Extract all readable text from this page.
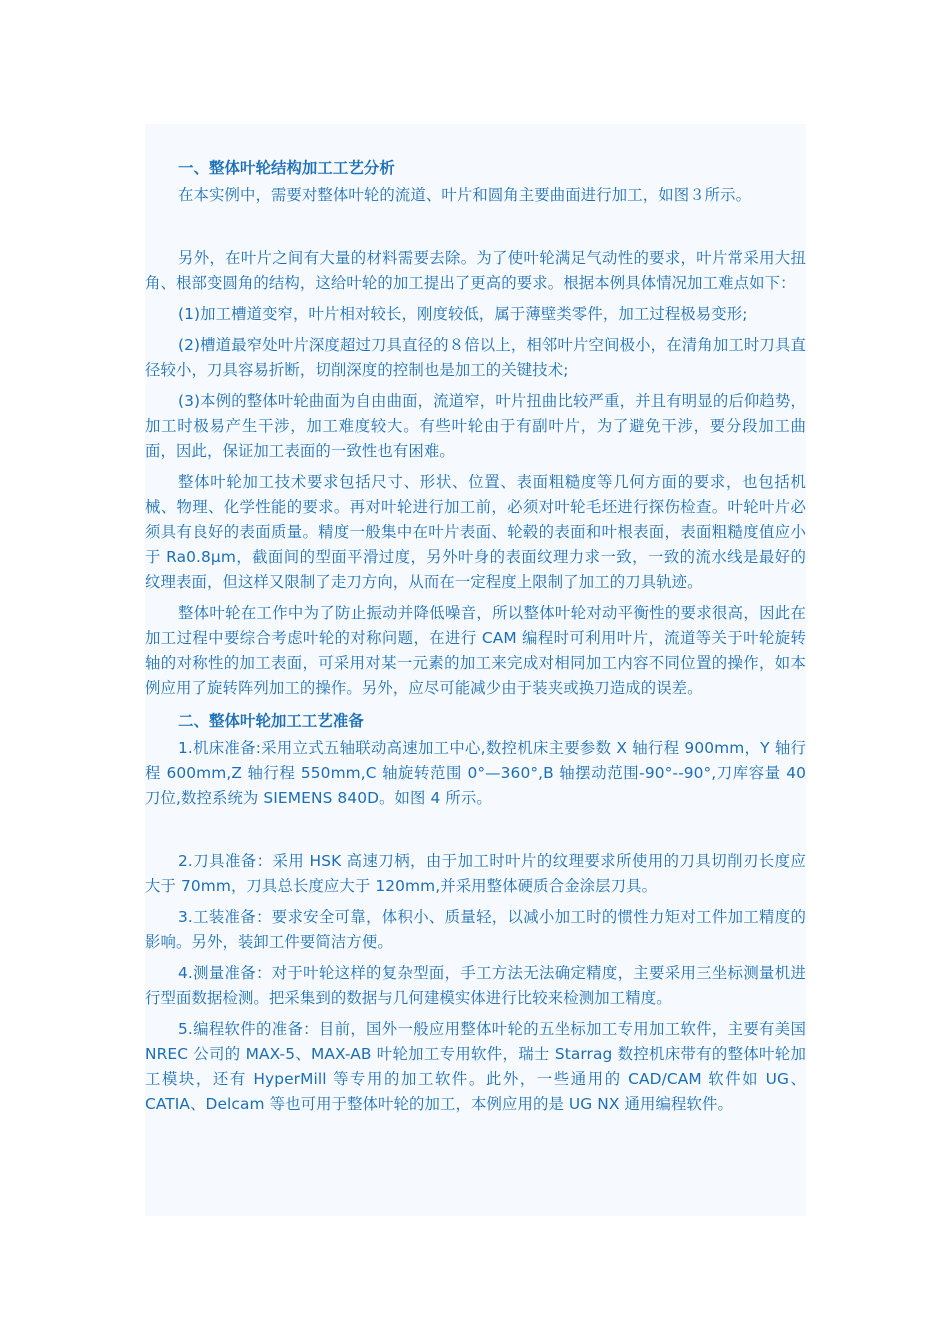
一、整体叶轮结构加工工艺分析

在本实例中，需要对整体叶轮的流道、叶片和圆角主要曲面进行加工，如图３所示。

另外，在叶片之间有大量的材料需要去除。为了使叶轮满足气动性的要求，叶片常采用大扭角、根部变圆角的结构，这给叶轮的加工提出了更高的要求。根据本例具体情况加工难点如下：

(1)加工槽道变窄，叶片相对较长，刚度较低，属于薄壁类零件，加工过程极易变形;

(2)槽道最窄处叶片深度超过刀具直径的８倍以上，相邻叶片空间极小，在清角加工时刀具直径较小，刀具容易折断，切削深度的控制也是加工的关键技术;

(3)本例的整体叶轮曲面为自由曲面，流道窄，叶片扭曲比较严重，并且有明显的后仰趋势，加工时极易产生干涉，加工难度较大。有些叶轮由于有副叶片，为了避免干涉，要分段加工曲面，因此，保证加工表面的一致性也有困难。

整体叶轮加工技术要求包括尺寸、形状、位置、表面粗糙度等几何方面的要求，也包括机械、物理、化学性能的要求。再对叶轮进行加工前，必须对叶轮毛坯进行探伤检查。叶轮叶片必须具有良好的表面质量。精度一般集中在叶片表面、轮毂的表面和叶根表面，表面粗糙度值应小于 Ra0.8μm，截面间的型面平滑过度，另外叶身的表面纹理力求一致，一致的流水线是最好的纹理表面，但这样又限制了走刀方向，从而在一定程度上限制了加工的刀具轨迹。

整体叶轮在工作中为了防止振动并降低噪音，所以整体叶轮对动平衡性的要求很高，因此在加工过程中要综合考虑叶轮的对称问题，在进行 CAM 编程时可利用叶片，流道等关于叶轮旋转轴的对称性的加工表面，可采用对某一元素的加工来完成对相同加工内容不同位置的操作，如本例应用了旋转阵列加工的操作。另外，应尽可能减少由于装夹或换刀造成的误差。

二、整体叶轮加工工艺准备

1.机床准备:采用立式五轴联动高速加工中心,数控机床主要参数 X 轴行程 900mm，Y 轴行程 600mm,Z 轴行程 550mm,C 轴旋转范围 0°—360°,B 轴摆动范围-90°--90°,刀库容量 40 刀位,数控系统为 SIEMENS 840D。如图 4 所示。

2.刀具准备：采用 HSK 高速刀柄，由于加工时叶片的纹理要求所使用的刀具切削刃长度应大于 70mm，刀具总长度应大于 120mm,并采用整体硬质合金涂层刀具。

3.工装准备：要求安全可靠，体积小、质量轻，以减小加工时的惯性力矩对工件加工精度的影响。另外，装卸工件要简洁方便。

4.测量准备：对于叶轮这样的复杂型面，手工方法无法确定精度，主要采用三坐标测量机进行型面数据检测。把采集到的数据与几何建模实体进行比较来检测加工精度。

5.编程软件的准备：目前，国外一般应用整体叶轮的五坐标加工专用加工软件，主要有美国 NREC 公司的 MAX-5、MAX-AB 叶轮加工专用软件，瑞士 Starrag 数控机床带有的整体叶轮加工模块，还有 HyperMill 等专用的加工软件。此外，一些通用的 CAD/CAM 软件如 UG、CATIA、Delcam 等也可用于整体叶轮的加工，本例应用的是 UG NX 通用编程软件。
